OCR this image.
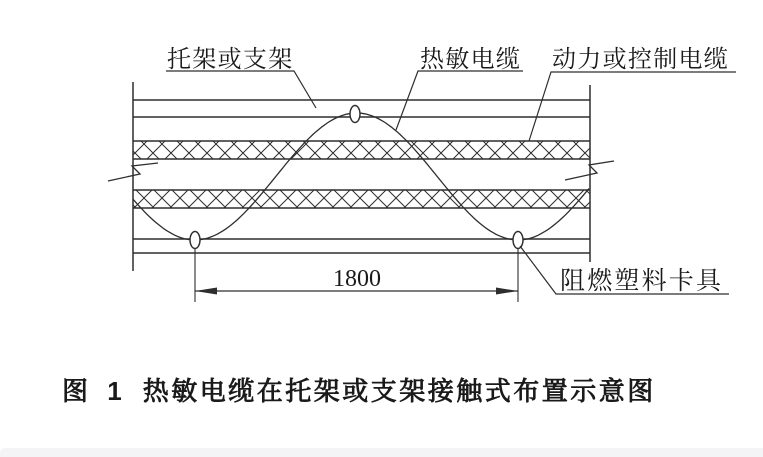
托架或支架	热敏电缆 动力或控制电缆
阻燃塑料卡具
1800
图 1 热敏电缆在托架或支架接触式布置示意图
